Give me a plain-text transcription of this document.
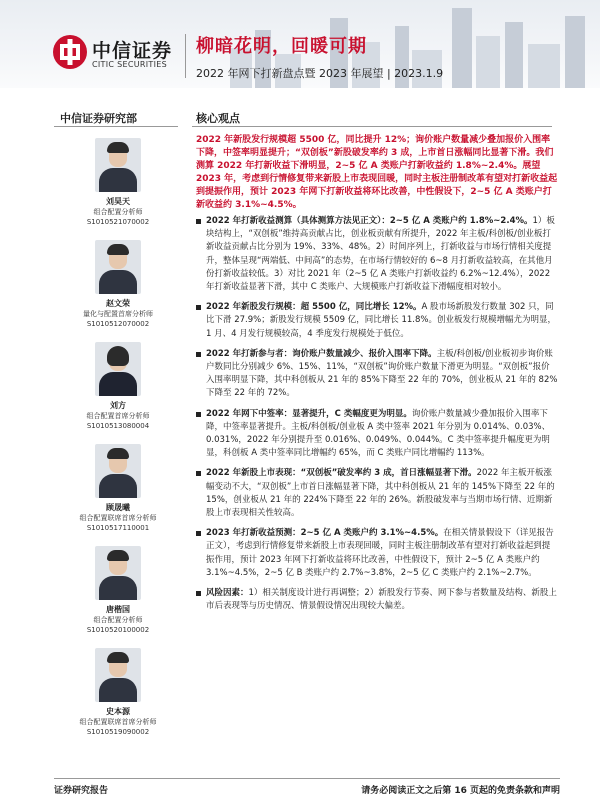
中信证券
CITIC SECURITIES
柳暗花明，回暖可期
2022 年网下打新盘点暨 2023 年展望 | 2023.1.9
中信证券研究部
刘昊天
组合配置分析师
S1010521070002
赵文荣
量化与配置首席分析师
S1010512070002
刘方
组合配置首席分析师
S1010513080004
顾晟曦
组合配置联席首席分析师
S1010517110001
唐楷国
组合配置分析师
S1010520100002
史本源
组合配置联席首席分析师
S1010519090002
核心观点
2022 年新股发行规模超 5500 亿，同比提升 12%；询价账户数量减少叠加报价入围率下降，中签率明显提升；“双创板”新股破发率约 3 成，上市首日涨幅同比显著下滑。我们测算 2022 年打新收益下滑明显，2~5 亿 A 类账户打新收益约 1.8%~2.4%。展望 2023 年，考虑到行情修复带来新股上市表现回暖，同时主板注册制改革有望对打新收益起到提振作用，预计 2023 年网下打新收益将环比改善，中性假设下，2~5 亿 A 类账户打新收益约 3.1%~4.5%。
2022 年打新收益测算（具体测算方法见正文）：2~5 亿 A 类账户约 1.8%~2.4%。1）板块结构上，“双创板”维持高贡献占比，创业板贡献有所提升，2022 年主板/科创板/创业板打新收益贡献占比分别为 19%、33%、48%。2）时间序列上，打新收益与市场行情相关度提升，整体呈现“两端低、中间高”的态势，在市场行情较好的 6~8 月打新收益较高，在其他月份打新收益较低。3）对比 2021 年（2~5 亿 A 类账户打新收益约 6.2%~12.4%），2022 年打新收益显著下滑，其中 C 类账户、大规模账户打新收益下滑幅度相对较小。
2022 年新股发行规模：超 5500 亿，同比增长 12%。A 股市场新股发行数量 302 只，同比下滑 27.9%；新股发行规模 5509 亿，同比增长 11.8%。创业板发行规模增幅尤为明显，1 月、4 月发行规模较高，4 季度发行规模处于低位。
2022 年打新参与者：询价账户数量减少、报价入围率下降。主板/科创板/创业板初步询价账户数同比分别减少 6%、15%、11%，“双创板”询价账户数量下滑更为明显。“双创板”报价入围率明显下降，其中科创板从 21 年的 85%下降至 22 年的 70%，创业板从 21 年的 82%下降至 22 年的 72%。
2022 年网下中签率：显著提升，C 类幅度更为明显。询价账户数量减少叠加报价入围率下降，中签率显著提升。主板/科创板/创业板 A 类中签率 2021 年分别为 0.014%、0.03%、0.031%，2022 年分别提升至 0.016%、0.049%、0.044%。C 类中签率提升幅度更为明显，科创板 A 类中签率同比增幅约 65%，而 C 类账户同比增幅约 113%。
2022 年新股上市表现：“双创板”破发率约 3 成，首日涨幅显著下滑。2022 年主板开板涨幅变动不大，“双创板”上市首日涨幅显著下降，其中科创板从 21 年的 145%下降至 22 年的 15%，创业板从 21 年的 224%下降至 22 年的 26%。新股破发率与当期市场行情、近期新股上市表现相关性较高。
2023 年打新收益预测：2~5 亿 A 类账户约 3.1%~4.5%。在相关情景假设下（详见报告正文），考虑到行情修复带来新股上市表现回暖，同时主板注册制改革有望对打新收益起到提振作用，预计 2023 年网下打新收益将环比改善，中性假设下，预计 2~5 亿 A 类账户约 3.1%~4.5%，2~5 亿 B 类账户约 2.7%~3.8%，2~5 亿 C 类账户约 2.1%~2.7%。
风险因素：1）相关制度设计进行再调整；2）新股发行节奏、网下参与者数量及结构、新股上市后表现等与历史情况、情景假设情况出现较大偏差。
证券研究报告	请务必阅读正文之后第 16 页起的免责条款和声明
